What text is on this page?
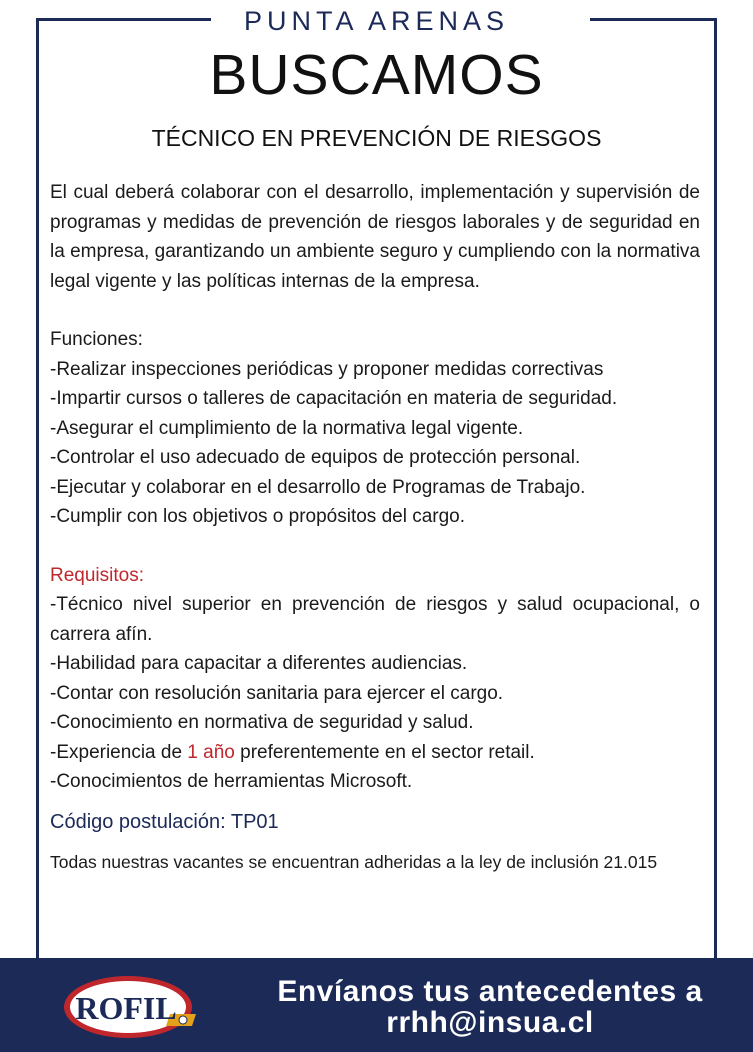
PUNTA ARENAS
BUSCAMOS
TÉCNICO EN PREVENCIÓN DE RIESGOS

El cual deberá colaborar con el desarrollo, implementación y supervisión de programas y medidas de prevención de riesgos laborales y de seguridad en la empresa, garantizando un ambiente seguro y cumpliendo con la normativa legal vigente y las políticas internas de la empresa.

Funciones:
-Realizar inspecciones periódicas y proponer medidas correctivas
-Impartir cursos o talleres de capacitación en materia de seguridad.
-Asegurar el cumplimiento de la normativa legal vigente.
-Controlar el uso adecuado de equipos de protección personal.
-Ejecutar y colaborar en el desarrollo de Programas de Trabajo.
-Cumplir con los objetivos o propósitos del cargo.
Requisitos:
-Técnico nivel superior en prevención de riesgos y salud ocupacional, o carrera afín.
-Habilidad para capacitar a diferentes audiencias.
-Contar con resolución sanitaria para ejercer el cargo.
-Conocimiento en normativa de seguridad y salud.
-Experiencia de 1 año preferentemente en el sector retail.
-Conocimientos de herramientas Microsoft.
Código postulación: TP01
Todas nuestras vacantes se encuentran adheridas a la ley de inclusión 21.015
ROFIL	Envíanos tus antecedentes a
rrhh@insua.cl
